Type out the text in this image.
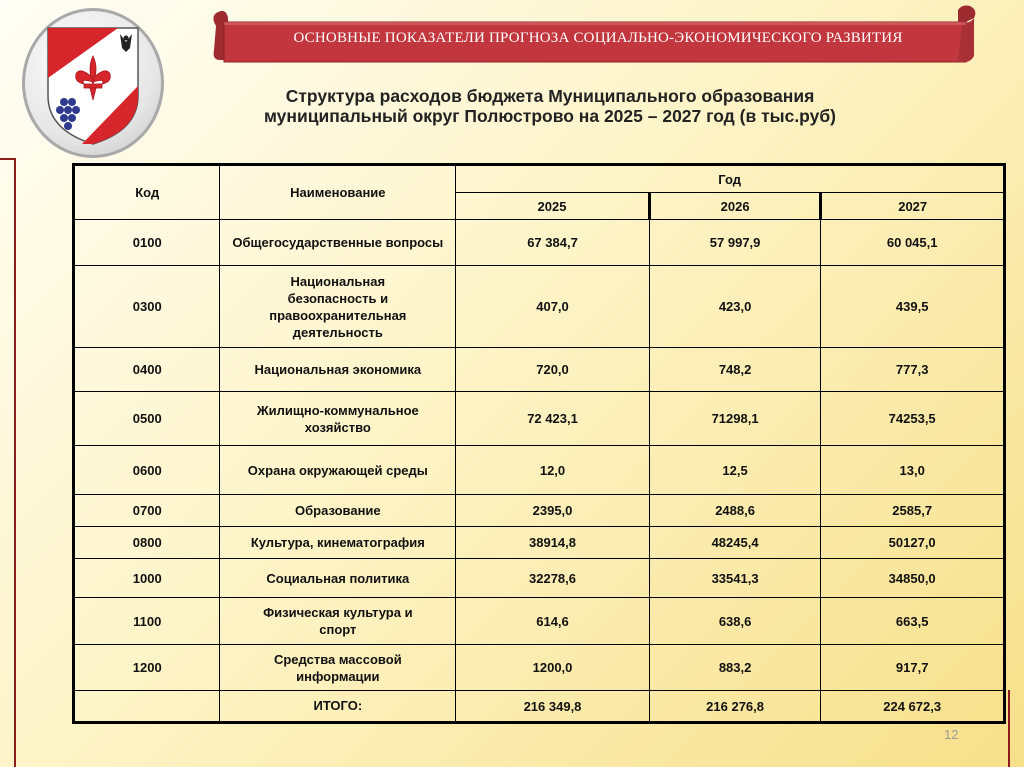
ОСНОВНЫЕ ПОКАЗАТЕЛИ ПРОГНОЗА СОЦИАЛЬНО-ЭКОНОМИЧЕСКОГО РАЗВИТИЯ
Структура расходов бюджета Муниципального образования
муниципальный округ Полюстрово на 2025 – 2027 год (в тыс.руб)
Код	Наименование	Год		
		2025	2026	2027
0100	Общегосударственные вопросы	67 384,7	57 997,9	60 045,1
0300	Национальная безопасность и правоохранительная деятельность	407,0	423,0	439,5
0400	Национальная экономика	720,0	748,2	777,3
0500	Жилищно-коммунальное хозяйство	72 423,1	71298,1	74253,5
0600	Охрана окружающей среды	12,0	12,5	13,0
0700	Образование	2395,0	2488,6	2585,7
0800	Культура, кинематография	38914,8	48245,4	50127,0
1000	Социальная политика	32278,6	33541,3	34850,0
1100	Физическая культура и спорт	614,6	638,6	663,5
1200	Средства массовой информации	1200,0	883,2	917,7
	ИТОГО:	216 349,8	216 276,8	224 672,3
12
